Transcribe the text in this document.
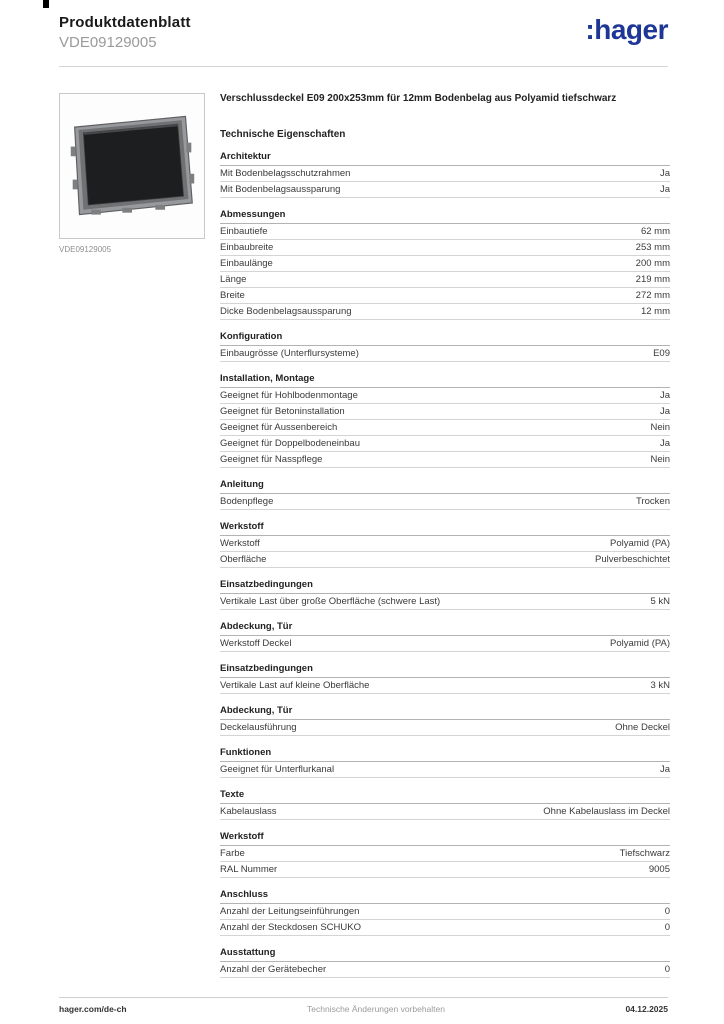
Produktdatenblatt
VDE09129005	:hager
VDE09129005
Verschlussdeckel E09 200x253mm für 12mm Bodenbelag aus Polyamid tiefschwarz
Technische Eigenschaften
Architektur
Mit Bodenbelagsschutzrahmen	Ja
Mit Bodenbelagsaussparung	Ja
Abmessungen
Einbautiefe	62 mm
Einbaubreite	253 mm
Einbaulänge	200 mm
Länge	219 mm
Breite	272 mm
Dicke Bodenbelagsaussparung	12 mm
Konfiguration
Einbaugrösse (Unterflursysteme)	E09
Installation, Montage
Geeignet für Hohlbodenmontage	Ja
Geeignet für Betoninstallation	Ja
Geeignet für Aussenbereich	Nein
Geeignet für Doppelbodeneinbau	Ja
Geeignet für Nasspflege	Nein
Anleitung
Bodenpflege	Trocken
Werkstoff
Werkstoff	Polyamid (PA)
Oberfläche	Pulverbeschichtet
Einsatzbedingungen
Vertikale Last über große Oberfläche (schwere Last)	5 kN
Abdeckung, Tür
Werkstoff Deckel	Polyamid (PA)
Einsatzbedingungen
Vertikale Last auf kleine Oberfläche	3 kN
Abdeckung, Tür
Deckelausführung	Ohne Deckel
Funktionen
Geeignet für Unterflurkanal	Ja
Texte
Kabelauslass	Ohne Kabelauslass im Deckel
Werkstoff
Farbe	Tiefschwarz
RAL Nummer	9005
Anschluss
Anzahl der Leitungseinführungen	0
Anzahl der Steckdosen SCHUKO	0
Ausstattung
Anzahl der Gerätebecher	0
hager.com/de-ch	Technische Änderungen vorbehalten	04.12.2025
